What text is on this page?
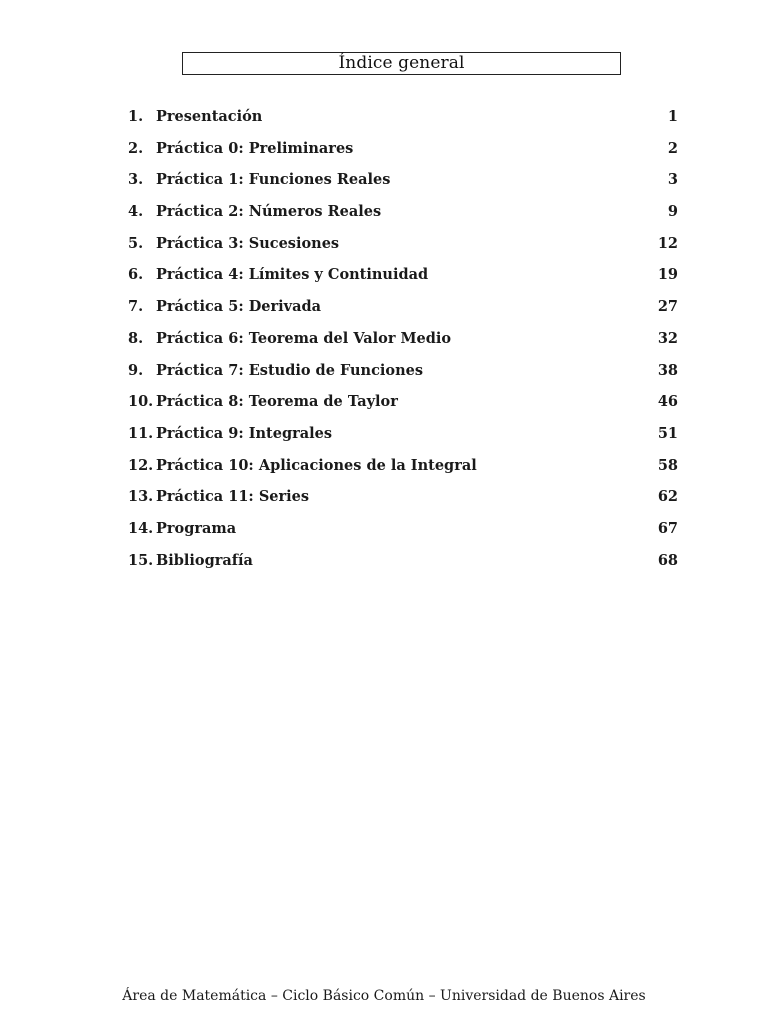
Índice general
1. Presentación	1
2. Práctica 0: Preliminares	2
3. Práctica 1: Funciones Reales	3
4. Práctica 2: Números Reales	9
5. Práctica 3: Sucesiones	12
6. Práctica 4: Límites y Continuidad	19
7. Práctica 5: Derivada	27
8. Práctica 6: Teorema del Valor Medio	32
9. Práctica 7: Estudio de Funciones	38
10. Práctica 8: Teorema de Taylor	46
11. Práctica 9: Integrales	51
12. Práctica 10: Aplicaciones de la Integral	58
13. Práctica 11: Series	62
14. Programa	67
15. Bibliografía	68
Área de Matemática – Ciclo Básico Común – Universidad de Buenos Aires
